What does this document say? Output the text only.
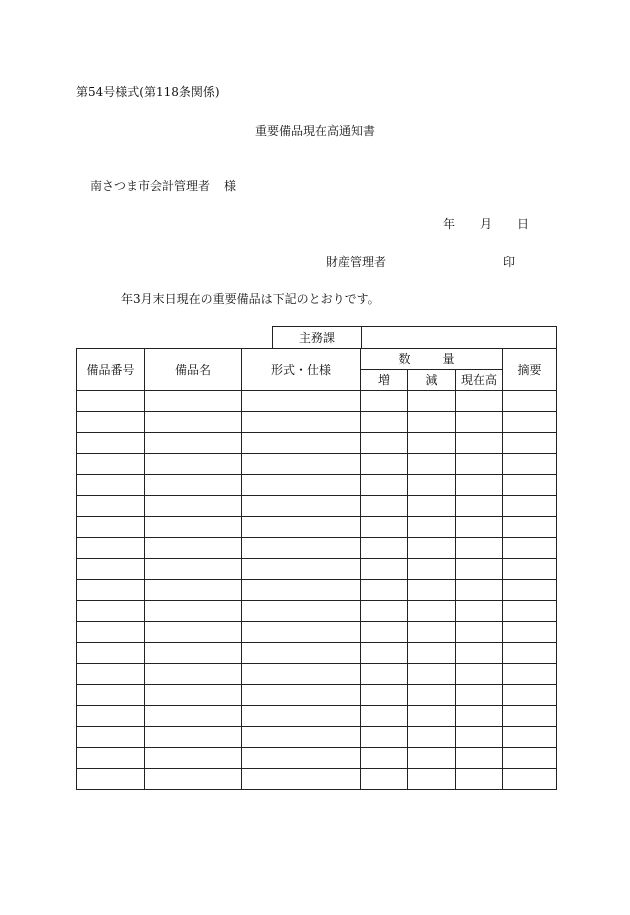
第54号様式(第118条関係)
重要備品現在高通知書
南さつま市会計管理者 様
年 月 日
財産管理者	印
年3月末日現在の重要備品は下記のとおりです。
主務課	
備品番号	備品名	形式・仕様	数　量			摘要
			増	減	現在高	
